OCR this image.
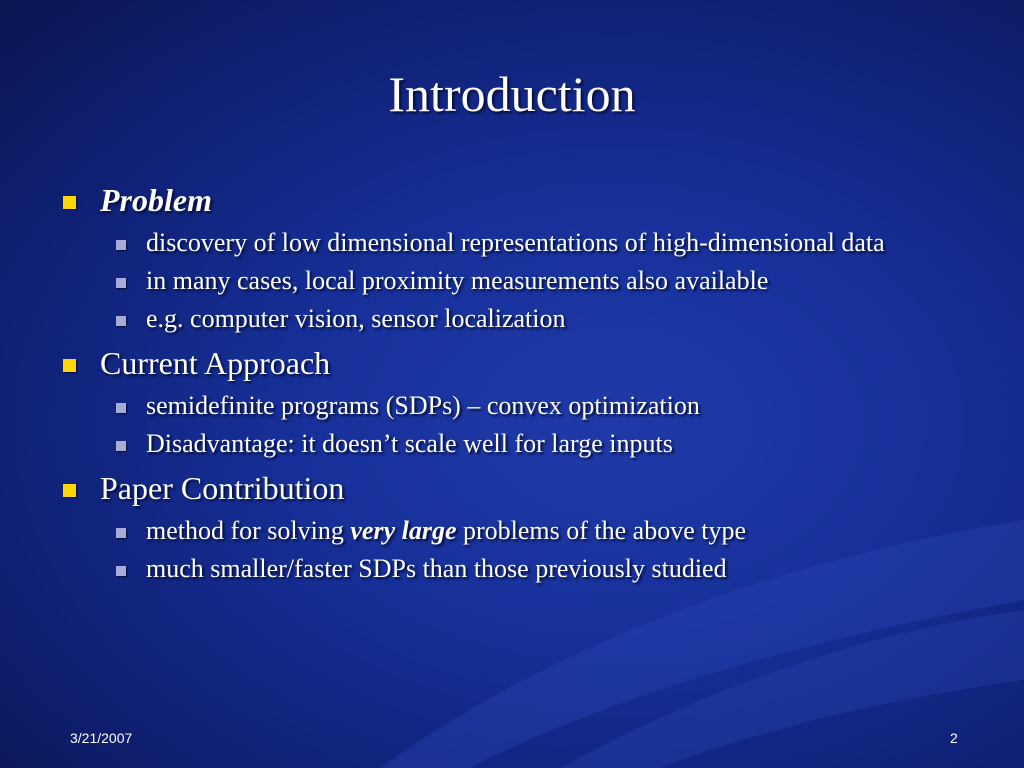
Introduction
Problem
discovery of low dimensional representations of high-dimensional data
in many cases, local proximity measurements also available
e.g. computer vision, sensor localization
Current Approach
semidefinite programs (SDPs) – convex optimization
Disadvantage: it doesn’t scale well for large inputs
Paper Contribution
method for solving very large problems of the above type
much smaller/faster SDPs than those previously studied
3/21/2007	2
